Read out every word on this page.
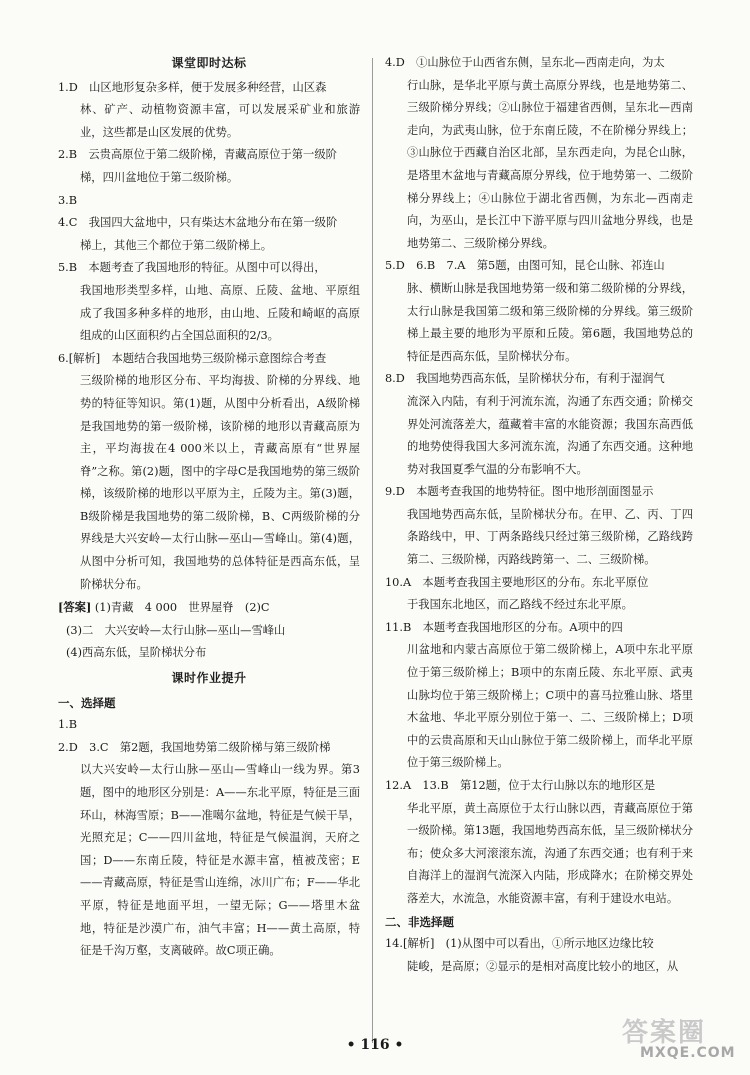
课堂即时达标

1.D　山区地形复杂多样，便于发展多种经营，山区森
林、矿产、动植物资源丰富，可以发展采矿业和旅游业，这些都是山区发展的优势。

2.B　云贵高原位于第二级阶梯，青藏高原位于第一级阶
梯，四川盆地位于第二级阶梯。

3.B

4.C　我国四大盆地中，只有柴达木盆地分布在第一级阶
梯上，其他三个都位于第二级阶梯上。

5.B　本题考查了我国地形的特征。从图中可以得出，
我国地形类型多样，山地、高原、丘陵、盆地、平原组成了我国多种多样的地形，由山地、丘陵和崎岖的高原组成的山区面积约占全国总面积的2/3。

6.[解析]　本题结合我国地势三级阶梯示意图综合考查
三级阶梯的地形区分布、平均海拔、阶梯的分界线、地势的特征等知识。第(1)题，从图中分析看出，A级阶梯是我国地势的第一级阶梯，该阶梯的地形以青藏高原为主，平均海拔在4 000米以上，青藏高原有“世界屋脊”之称。第(2)题，图中的字母C是我国地势的第三级阶梯，该级阶梯的地形以平原为主，丘陵为主。第(3)题，B级阶梯是我国地势的第二级阶梯，B、C两级阶梯的分界线是大兴安岭—太行山脉—巫山—雪峰山。第(4)题，从图中分析可知，我国地势的总体特征是西高东低，呈阶梯状分布。

[答案] (1)青藏　4 000　世界屋脊　(2)C

(3)二　大兴安岭—太行山脉—巫山—雪峰山

(4)西高东低，呈阶梯状分布

课时作业提升

一、选择题

1.B

2.D　3.C　第2题，我国地势第二级阶梯与第三级阶梯
以大兴安岭—太行山脉—巫山—雪峰山一线为界。第3题，图中的地形区分别是：A——东北平原，特征是三面环山，林海雪原；B——准噶尔盆地，特征是气候干旱，光照充足；C——四川盆地，特征是气候温润，天府之国；D——东南丘陵，特征是水源丰富，植被茂密；E——青藏高原，特征是雪山连绵，冰川广布；F——华北平原，特征是地面平坦，一望无际；G——塔里木盆地，特征是沙漠广布，油气丰富；H——黄土高原，特征是千沟万壑，支离破碎。故C项正确。

4.D　①山脉位于山西省东侧，呈东北—西南走向，为太
行山脉，是华北平原与黄土高原分界线，也是地势第二、三级阶梯分界线；②山脉位于福建省西侧，呈东北—西南走向，为武夷山脉，位于东南丘陵，不在阶梯分界线上；③山脉位于西藏自治区北部，呈东西走向，为昆仑山脉，是塔里木盆地与青藏高原分界线，位于地势第一、二级阶梯分界线上；④山脉位于湖北省西侧，为东北—西南走向，为巫山，是长江中下游平原与四川盆地分界线，也是地势第二、三级阶梯分界线。

5.D　6.B　7.A　第5题，由图可知，昆仑山脉、祁连山
脉、横断山脉是我国地势第一级和第二级阶梯的分界线，太行山脉是我国第二级和第三级阶梯的分界线。第三级阶梯上最主要的地形为平原和丘陵。第6题，我国地势总的特征是西高东低，呈阶梯状分布。

8.D　我国地势西高东低，呈阶梯状分布，有利于湿润气
流深入内陆，有利于河流东流，沟通了东西交通；阶梯交界处河流落差大，蕴藏着丰富的水能资源；我国东高西低的地势使得我国大多河流东流，沟通了东西交通。这种地势对我国夏季气温的分布影响不大。

9.D　本题考查我国的地势特征。图中地形剖面图显示
我国地势西高东低，呈阶梯状分布。在甲、乙、丙、丁四条路线中，甲、丁两条路线只经过第三级阶梯，乙路线跨第二、三级阶梯，丙路线跨第一、二、三级阶梯。

10.A　本题考查我国主要地形区的分布。东北平原位
于我国东北地区，而乙路线不经过东北平原。

11.B　本题考查我国地形区的分布。A项中的四
川盆地和内蒙古高原位于第二级阶梯上，A项中东北平原位于第三级阶梯上；B项中的东南丘陵、东北平原、武夷山脉均位于第三级阶梯上；C项中的喜马拉雅山脉、塔里木盆地、华北平原分别位于第一、二、三级阶梯上；D项中的云贵高原和天山山脉位于第二级阶梯上，而华北平原位于第三级阶梯上。

12.A　13.B　第12题，位于太行山脉以东的地形区是
华北平原，黄土高原位于太行山脉以西，青藏高原位于第一级阶梯。第13题，我国地势西高东低，呈三级阶梯状分布；使众多大河滚滚东流，沟通了东西交通；也有利于来自海洋上的湿润气流深入内陆，形成降水；在阶梯交界处落差大，水流急，水能资源丰富，有利于建设水电站。

二、非选择题

14.[解析]　(1)从图中可以看出，①所示地区边缘比较
陡峻，是高原；②显示的是相对高度比较小的地区，从

• 116 •	答案圈
MXQE.COM
